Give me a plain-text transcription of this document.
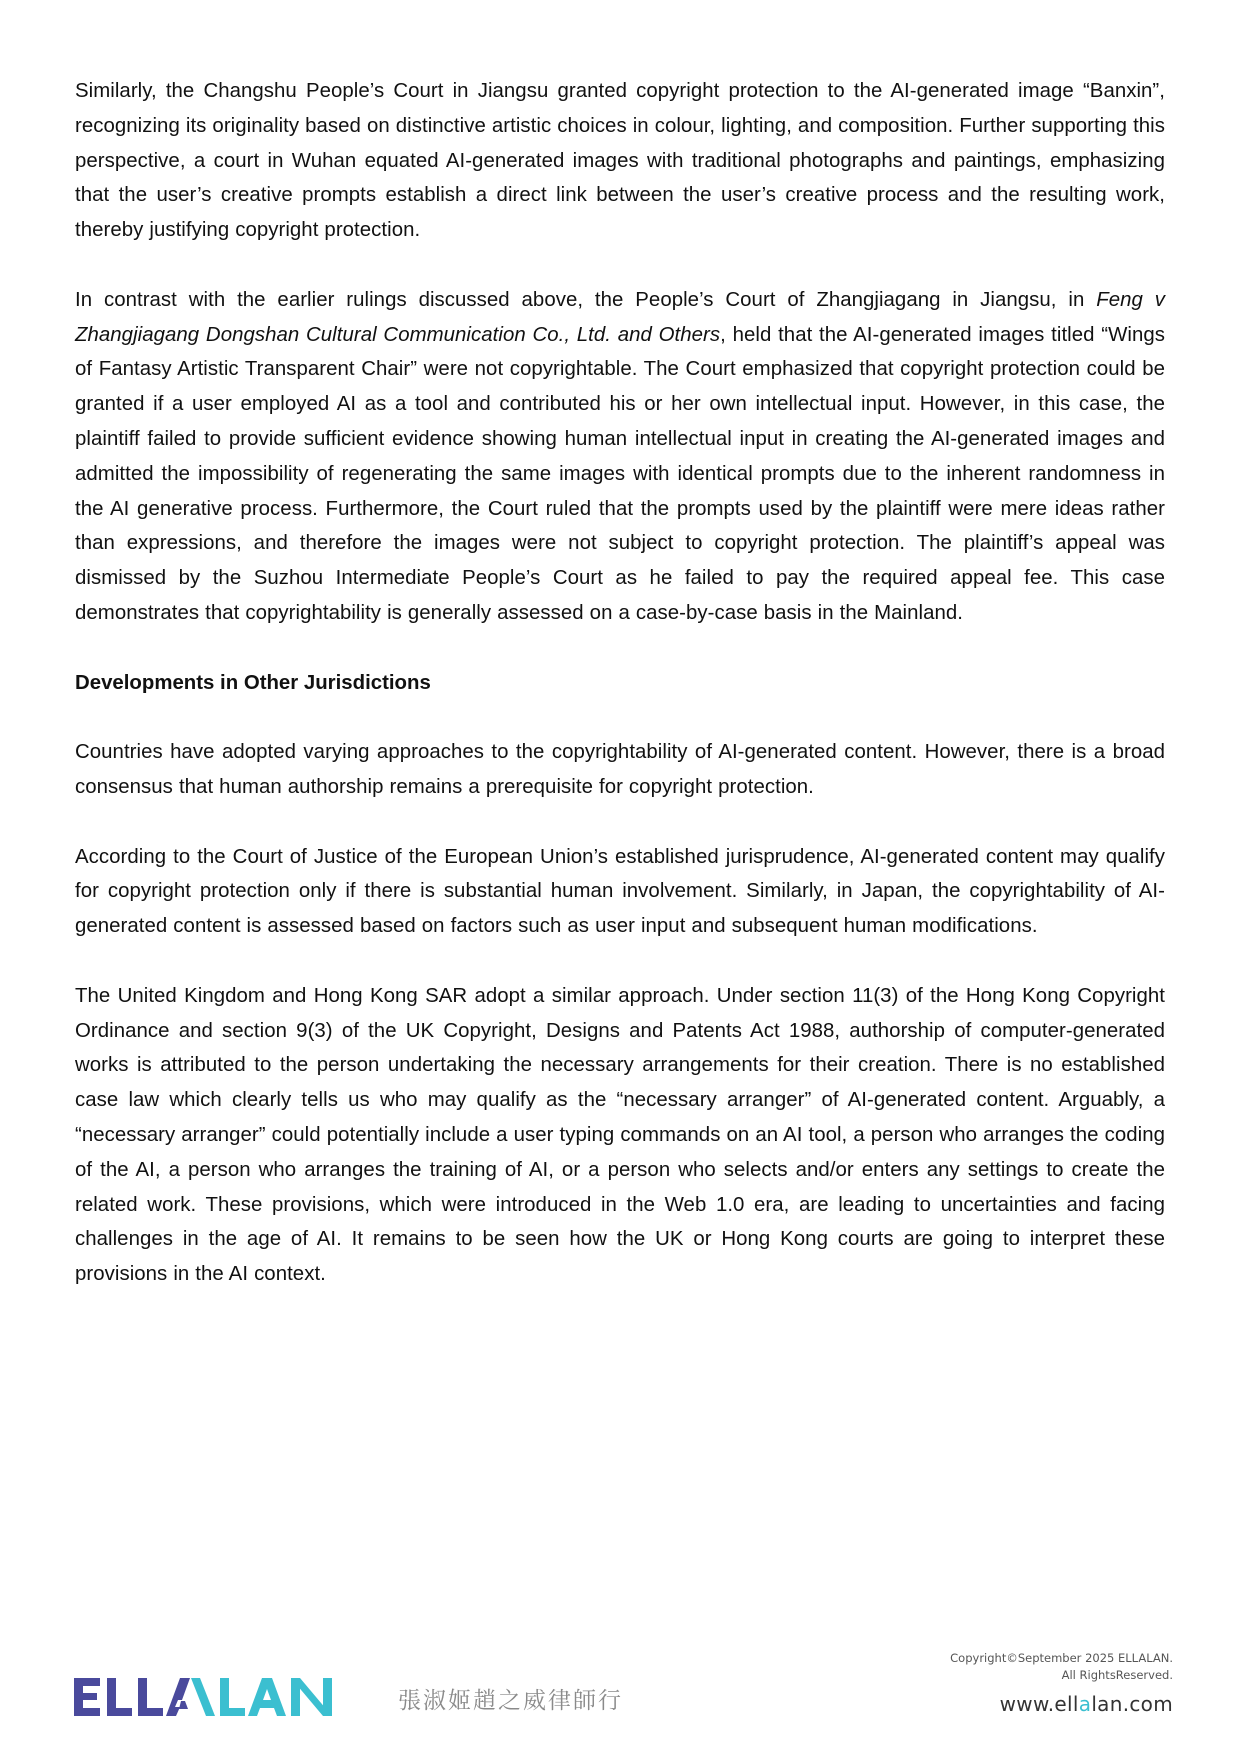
Similarly, the Changshu People’s Court in Jiangsu granted copyright protection to the AI-generated image “Banxin”, recognizing its originality based on distinctive artistic choices in colour, lighting, and composition. Further supporting this perspective, a court in Wuhan equated AI-generated images with traditional photographs and paintings, emphasizing that the user’s creative prompts establish a direct link between the user’s creative process and the resulting work, thereby justifying copyright protection.

In contrast with the earlier rulings discussed above, the People’s Court of Zhangjiagang in Jiangsu, in Feng v Zhangjiagang Dongshan Cultural Communication Co., Ltd. and Others, held that the AI-generated images titled “Wings of Fantasy Artistic Transparent Chair” were not copyrightable. The Court emphasized that copyright protection could be granted if a user employed AI as a tool and contributed his or her own intellectual input. However, in this case, the plaintiff failed to provide sufficient evidence showing human intellectual input in creating the AI-generated images and admitted the impossibility of regenerating the same images with identical prompts due to the inherent randomness in the AI generative process. Furthermore, the Court ruled that the prompts used by the plaintiff were mere ideas rather than expressions, and therefore the images were not subject to copyright protection. The plaintiff’s appeal was dismissed by the Suzhou Intermediate People’s Court as he failed to pay the required appeal fee. This case demonstrates that copyrightability is generally assessed on a case-by-case basis in the Mainland.

Developments in Other Jurisdictions

Countries have adopted varying approaches to the copyrightability of AI-generated content. However, there is a broad consensus that human authorship remains a prerequisite for copyright protection.

According to the Court of Justice of the European Union’s established jurisprudence, AI-generated content may qualify for copyright protection only if there is substantial human involvement. Similarly, in Japan, the copyrightability of AI-generated content is assessed based on factors such as user input and subsequent human modifications.

The United Kingdom and Hong Kong SAR adopt a similar approach. Under section 11(3) of the Hong Kong Copyright Ordinance and section 9(3) of the UK Copyright, Designs and Patents Act 1988, authorship of computer-generated works is attributed to the person undertaking the necessary arrangements for their creation. There is no established case law which clearly tells us who may qualify as the “necessary arranger” of AI-generated content. Arguably, a “necessary arranger” could potentially include a user typing commands on an AI tool, a person who arranges the coding of the AI, a person who arranges the training of AI, or a person who selects and/or enters any settings to create the related work. These provisions, which were introduced in the Web 1.0 era, are leading to uncertainties and facing challenges in the age of AI. It remains to be seen how the UK or Hong Kong courts are going to interpret these provisions in the AI context.

張淑姬趙之威律師行
Copyright©September 2025 ELLALAN.
All RightsReserved.
www.ellalan.com
